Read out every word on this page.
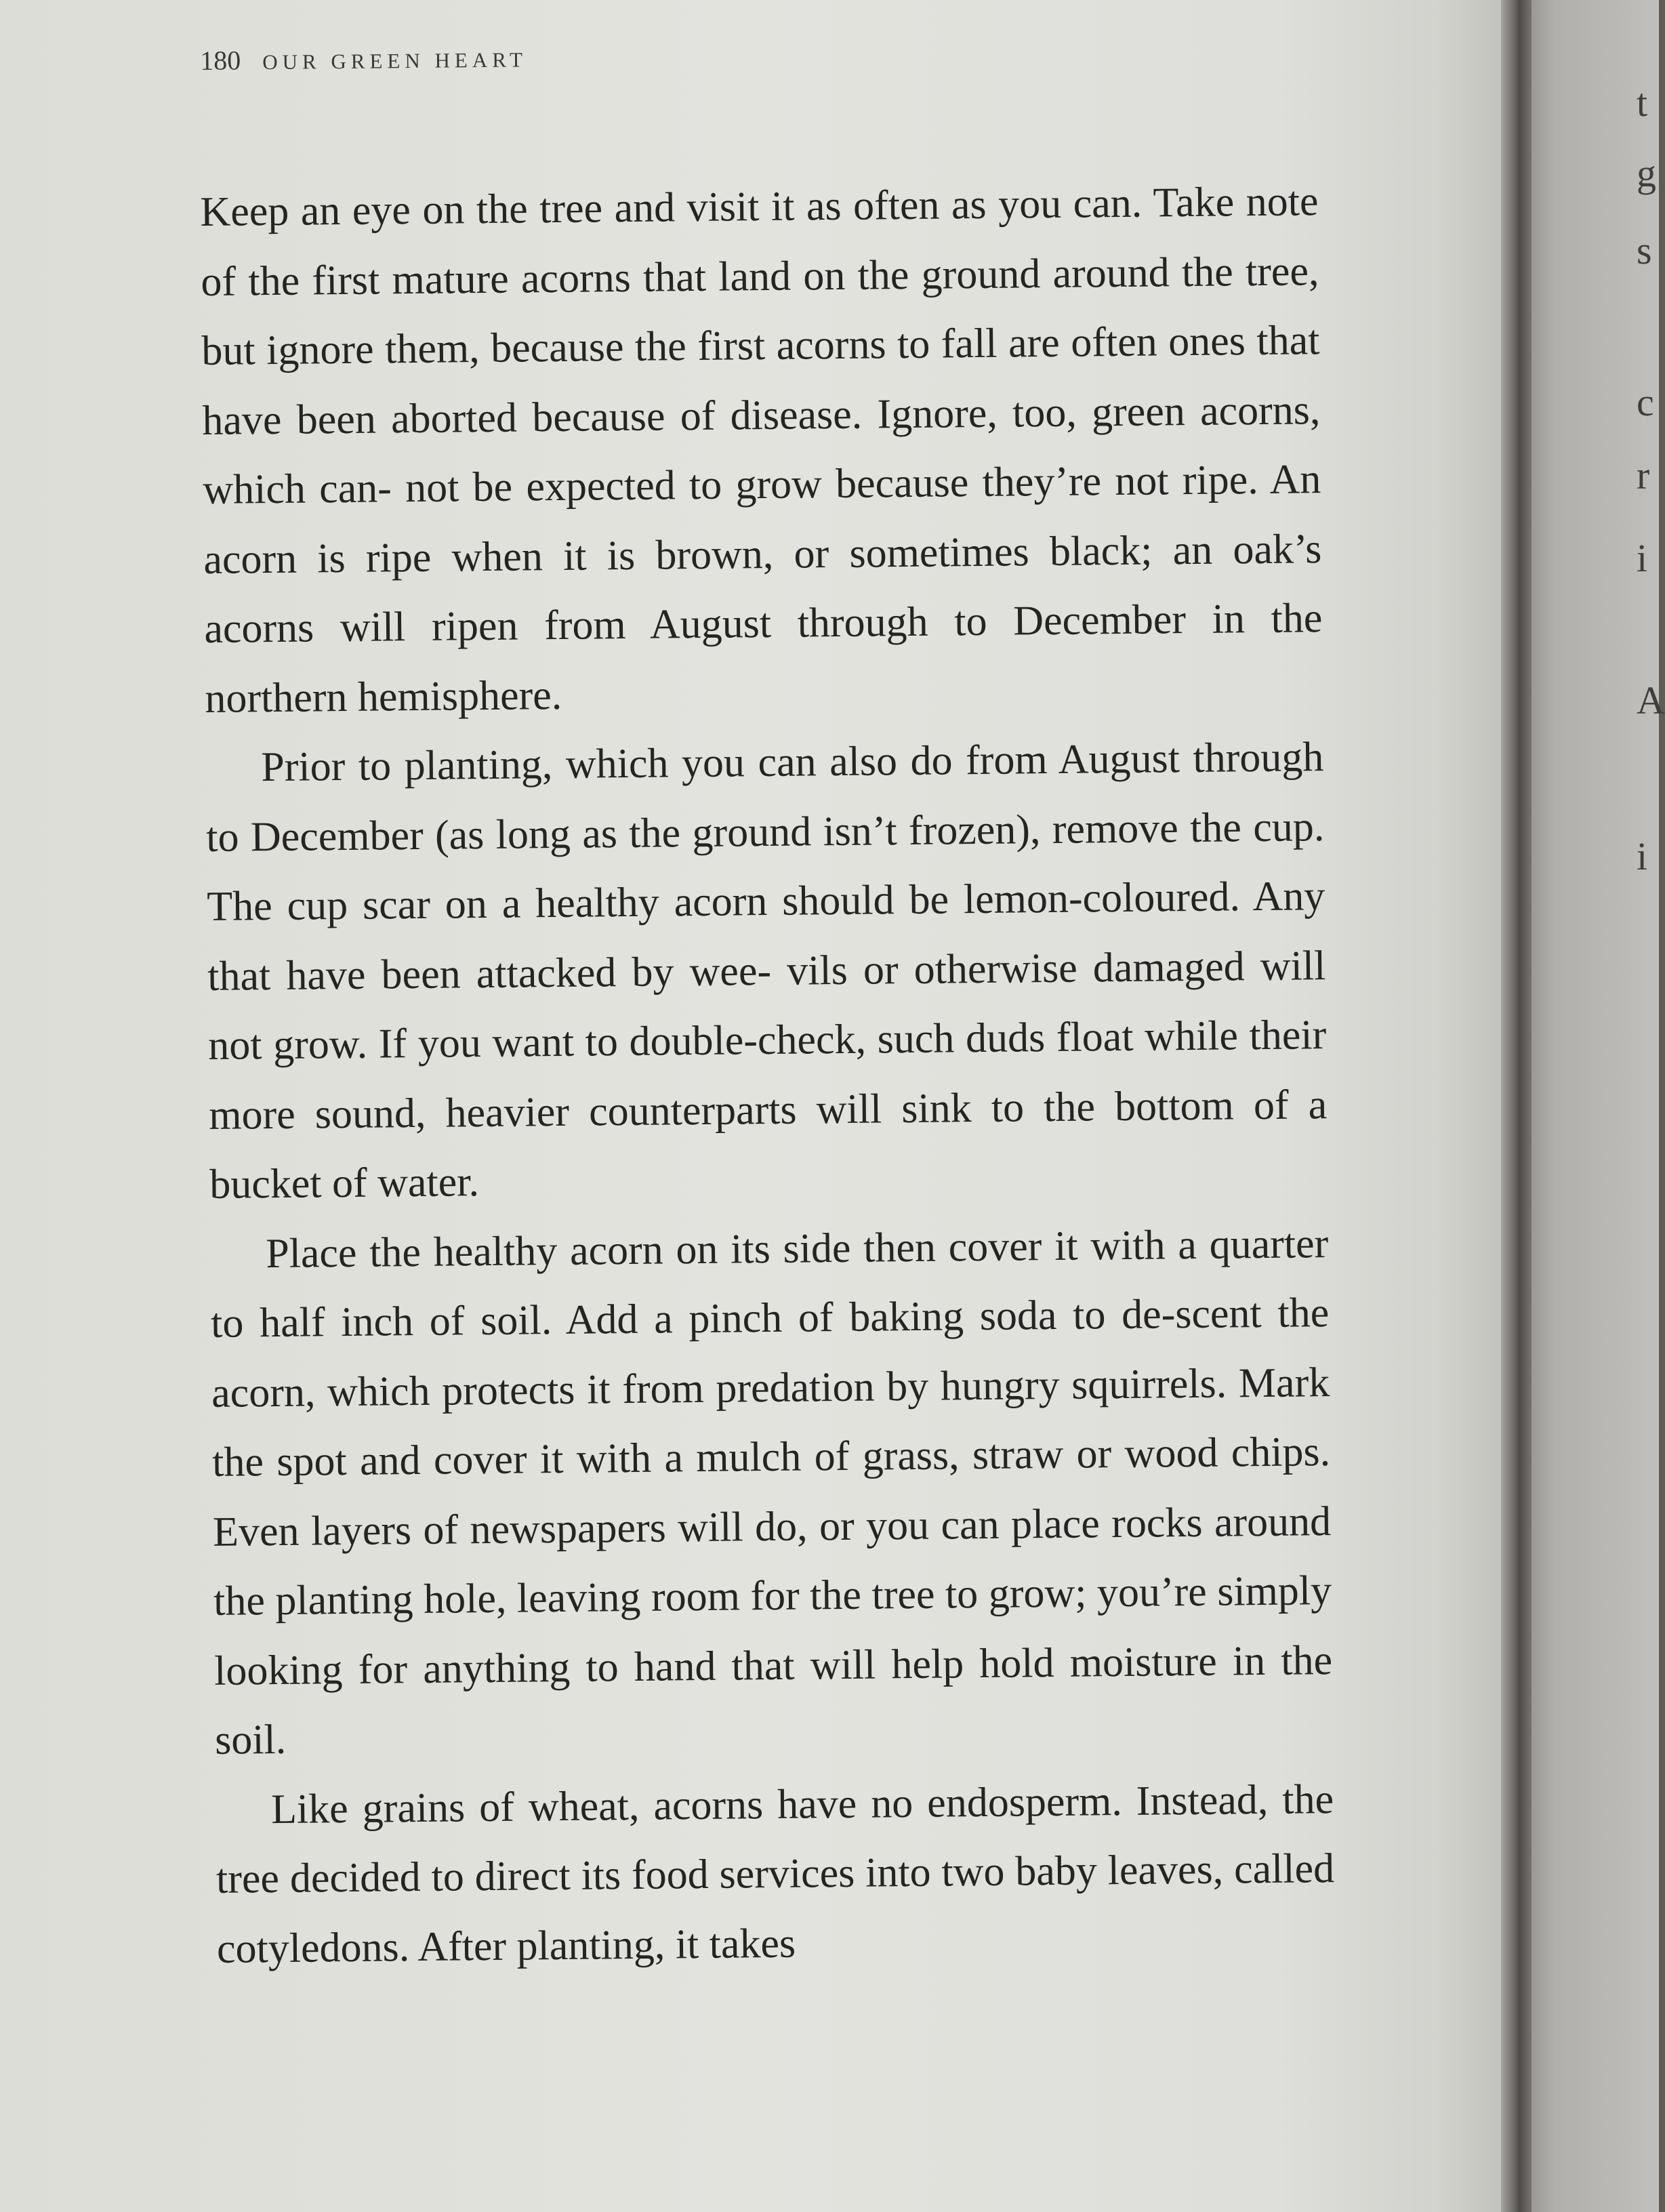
180 OUR GREEN HEART

Keep an eye on the tree and visit it as often as you can. Take note of the first mature acorns that land on the ground around the tree, but ignore them, because the first acorns to fall are often ones that have been aborted because of disease. Ignore, too, green acorns, which can- not be expected to grow because they’re not ripe. An acorn is ripe when it is brown, or sometimes black; an oak’s acorns will ripen from August through to December in the northern hemisphere.

Prior to planting, which you can also do from August through to December (as long as the ground isn’t frozen), remove the cup. The cup scar on a healthy acorn should be lemon-coloured. Any that have been attacked by wee- vils or otherwise damaged will not grow. If you want to double-check, such duds float while their more sound, heavier counterparts will sink to the bottom of a bucket of water.

Place the healthy acorn on its side then cover it with a quarter to half inch of soil. Add a pinch of baking soda to de-scent the acorn, which protects it from predation by hungry squirrels. Mark the spot and cover it with a mulch of grass, straw or wood chips. Even layers of newspapers will do, or you can place rocks around the planting hole, leaving room for the tree to grow; you’re simply looking for anything to hand that will help hold moisture in the soil.

Like grains of wheat, acorns have no endosperm. Instead, the tree decided to direct its food services into two baby leaves, called cotyledons. After planting, it takes

t
g
s
c
r
i
A
i
